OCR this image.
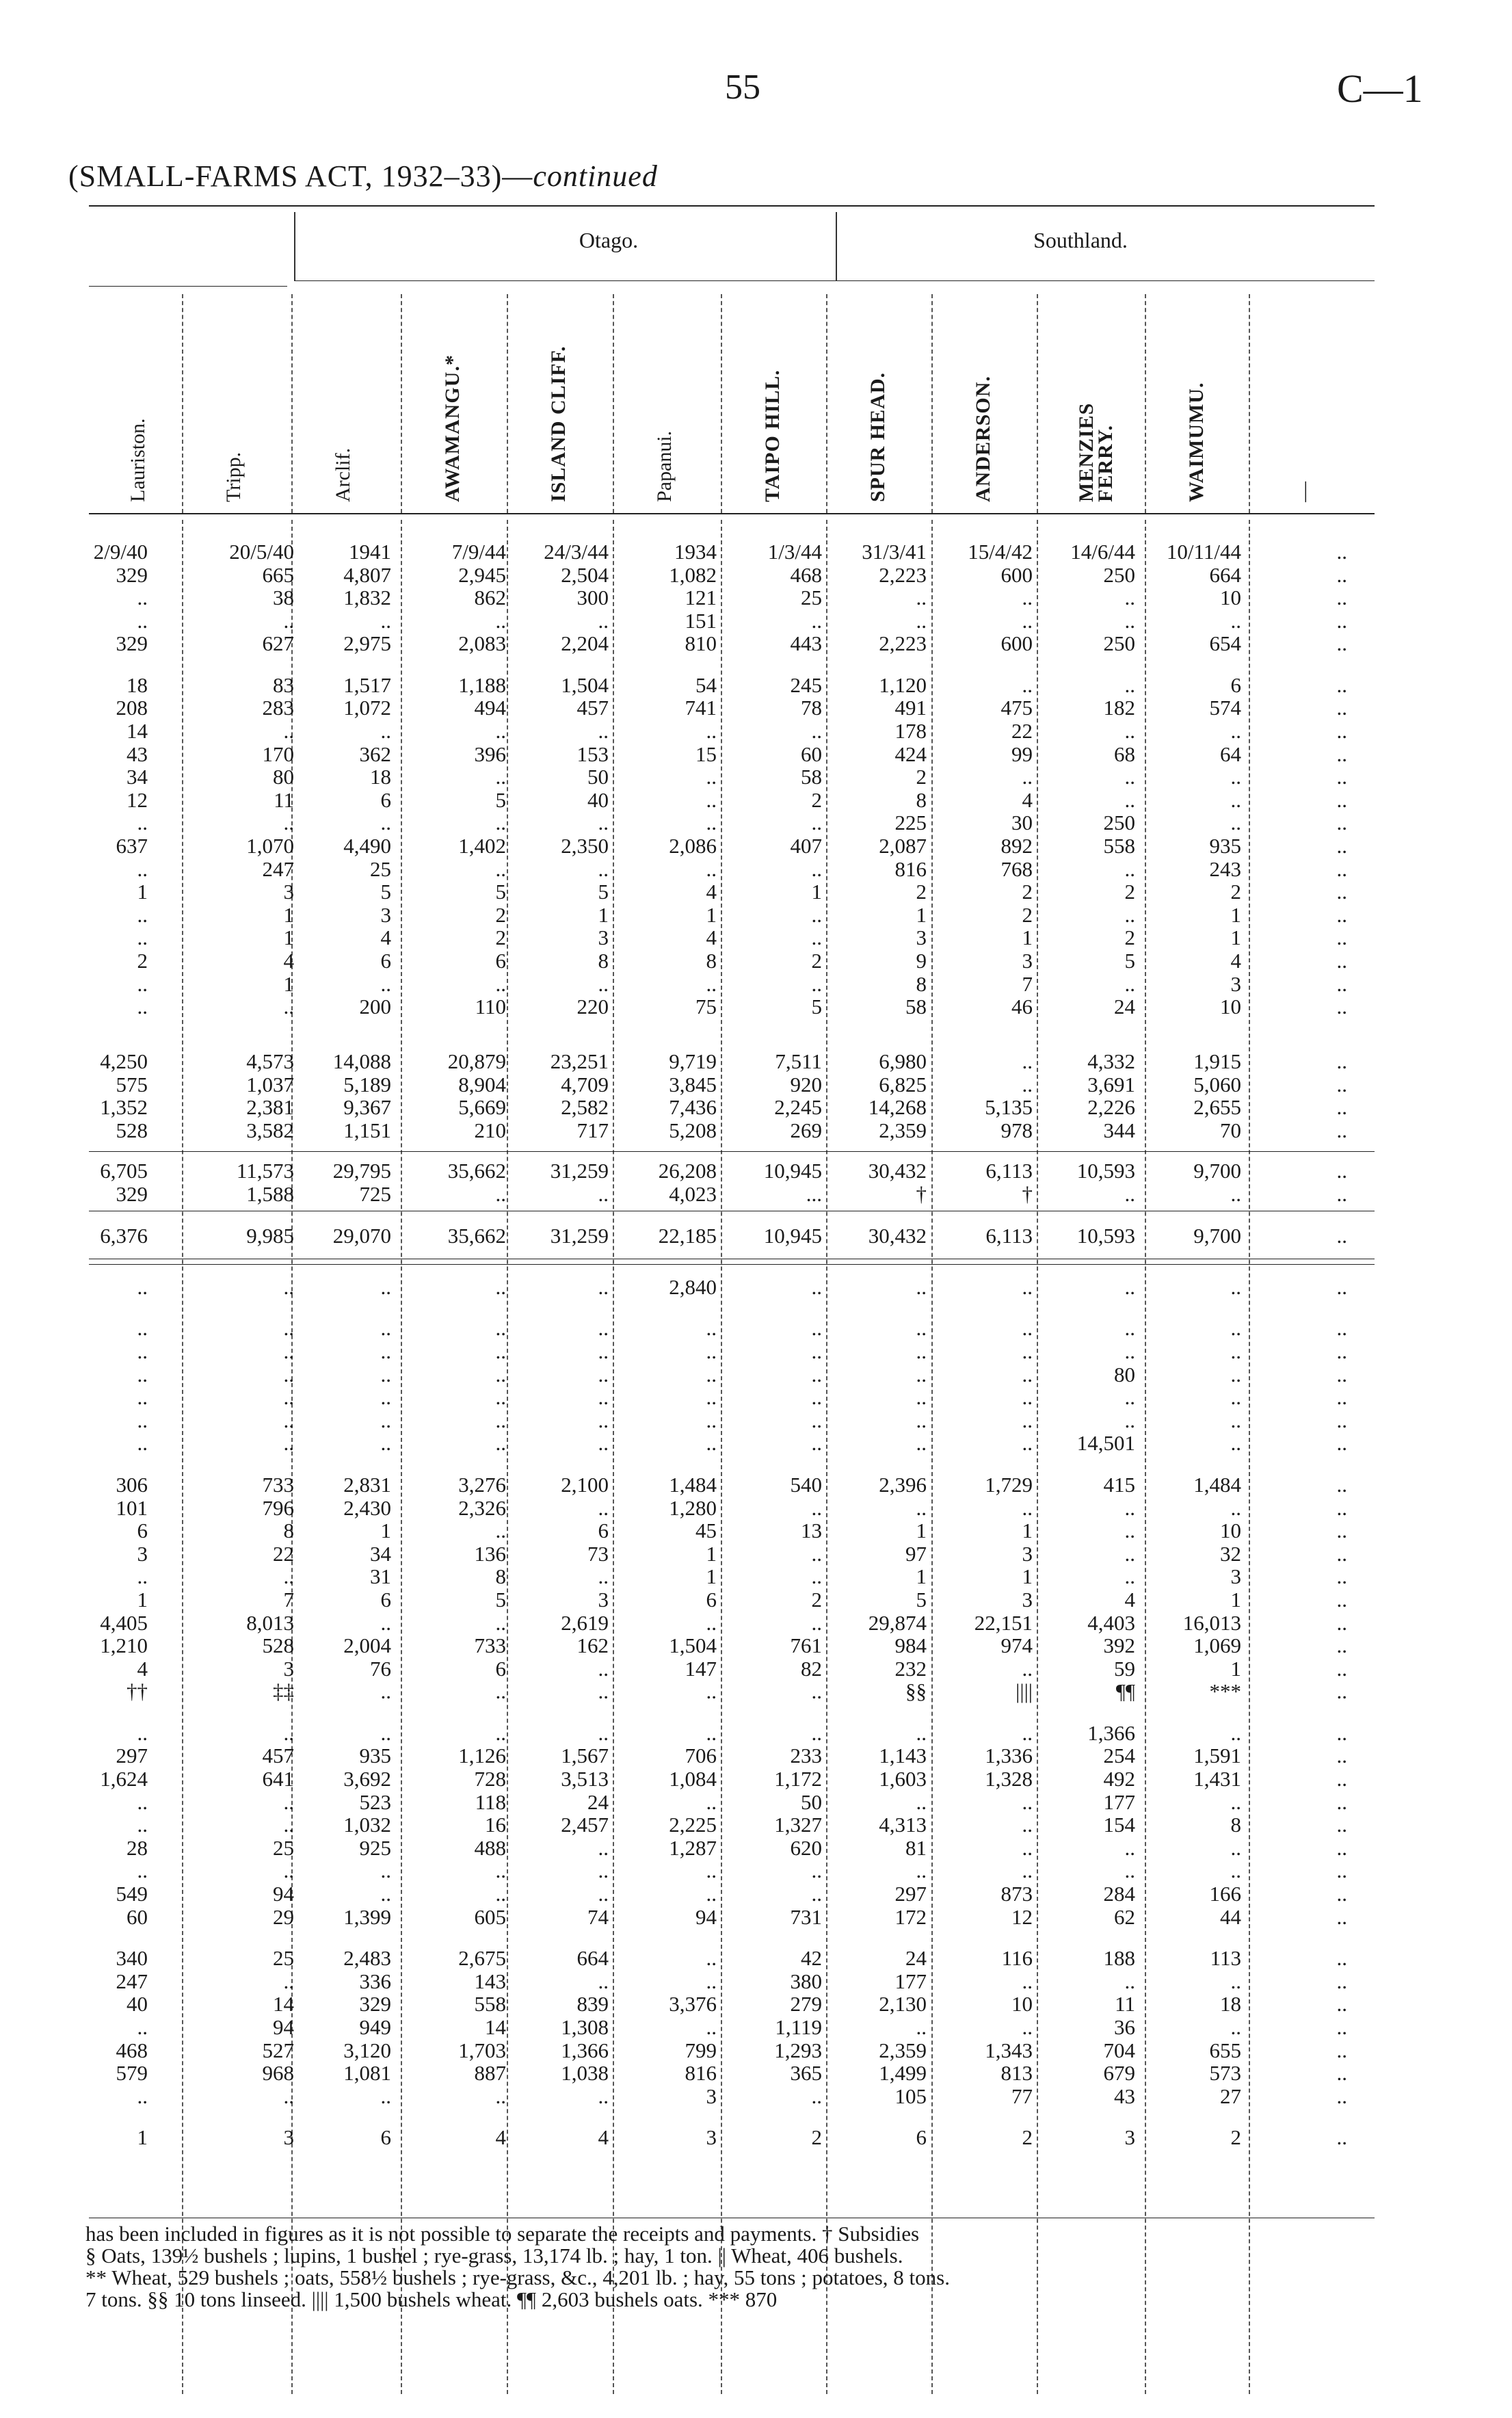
55	C—1
(SMALL-FARMS ACT, 1932–33)—continued
Otago.	Southland.
Lauriston.	Tripp.	Arclif.	AWAMANGU.*	ISLAND CLIFF.	Papanui.	TAIPO HILL.	SPUR HEAD.	ANDERSON.	MENZIES FERRY.	WAIMUMU.	—
2/9/40	20/5/40	1941	7/9/44	24/3/44	1934	1/3/44	31/3/41	15/4/42	14/6/44	10/11/44	..
329	665	4,807	2,945	2,504	1,082	468	2,223	600	250	664	..
..	38	1,832	862	300	121	25	..	..	..	10	..
..	..	..	..	..	151	..	..	..	..	..	..
329	627	2,975	2,083	2,204	810	443	2,223	600	250	654	..
18	83	1,517	1,188	1,504	54	245	1,120	..	..	6	..
208	283	1,072	494	457	741	78	491	475	182	574	..
14	..	..	..	..	..	..	178	22	..	..	..
43	170	362	396	153	15	60	424	99	68	64	..
34	80	18	..	50	..	58	2	..	..	..	..
12	11	6	5	40	..	2	8	4	..	..	..
..	..	..	..	..	..	..	225	30	250	..	..
637	1,070	4,490	1,402	2,350	2,086	407	2,087	892	558	935	..
..	247	25	..	..	..	..	816	768	..	243	..
1	3	5	5	5	4	1	2	2	2	2	..
..	1	3	2	1	1	..	1	2	..	1	..
..	1	4	2	3	4	..	3	1	2	1	..
2	4	6	6	8	8	2	9	3	5	4	..
..	1	..	..	..	..	..	8	7	..	3	..
..	..	200	110	220	75	5	58	46	24	10	..
4,250	4,573	14,088	20,879	23,251	9,719	7,511	6,980	..	4,332	1,915	..
575	1,037	5,189	8,904	4,709	3,845	920	6,825	..	3,691	5,060	..
1,352	2,381	9,367	5,669	2,582	7,436	2,245	14,268	5,135	2,226	2,655	..
528	3,582	1,151	210	717	5,208	269	2,359	978	344	70	..
6,705	11,573	29,795	35,662	31,259	26,208	10,945	30,432	6,113	10,593	9,700	..
329	1,588	725	..	..	4,023	...	†	†	..	..	..
6,376	9,985	29,070	35,662	31,259	22,185	10,945	30,432	6,113	10,593	9,700	..
..	..	..	..	..	2,840	..	..	..	..	..	..
..	..	..	..	..	..	..	..	..	..	..	..
..	..	..	..	..	..	..	..	..	..	..	..
..	..	..	..	..	..	..	..	..	80	..	..
..	..	..	..	..	..	..	..	..	..	..	..
..	..	..	..	..	..	..	..	..	..	..	..
..	..	..	..	..	..	..	..	..	14,501	..	..
306	733	2,831	3,276	2,100	1,484	540	2,396	1,729	415	1,484	..
101	796	2,430	2,326	..	1,280	..	..	..	..	..	..
6	8	1	..	6	45	13	1	1	..	10	..
3	22	34	136	73	1	..	97	3	..	32	..
..	..	31	8	..	1	..	1	1	..	3	..
1	7	6	5	3	6	2	5	3	4	1	..
4,405	8,013	..	..	2,619	..	..	29,874	22,151	4,403	16,013	..
1,210	528	2,004	733	162	1,504	761	984	974	392	1,069	..
4	3	76	6	..	147	82	232	..	59	1	..
††	‡‡	..	..	..	..	..	§§	||||	¶¶	***	..
..	..	..	..	..	..	..	..	..	1,366	..	..
297	457	935	1,126	1,567	706	233	1,143	1,336	254	1,591	..
1,624	641	3,692	728	3,513	1,084	1,172	1,603	1,328	492	1,431	..
..	..	523	118	24	..	50	..	..	177	..	..
..	..	1,032	16	2,457	2,225	1,327	4,313	..	154	8	..
28	25	925	488	..	1,287	620	81	..	..	..	..
..	..	..	..	..	..	..	..	..	..	..	..
549	94	..	..	..	..	..	297	873	284	166	..
60	29	1,399	605	74	94	731	172	12	62	44	..
340	25	2,483	2,675	664	..	42	24	116	188	113	..
247	..	336	143	..	..	380	177	..	..	..	..
40	14	329	558	839	3,376	279	2,130	10	11	18	..
..	94	949	14	1,308	..	1,119	..	..	36	..	..
468	527	3,120	1,703	1,366	799	1,293	2,359	1,343	704	655	..
579	968	1,081	887	1,038	816	365	1,499	813	679	573	..
..	..	..	..	..	3	..	105	77	43	27	..
1	3	6	4	4	3	2	6	2	3	2	..
has been included in figures as it is not possible to separate the receipts and payments. † Subsidies
§ Oats, 139½ bushels ; lupins, 1 bushel ; rye-grass, 13,174 lb. ; hay, 1 ton. || Wheat, 406 bushels.
** Wheat, 529 bushels ; oats, 558½ bushels ; rye-grass, &c., 4,201 lb. ; hay, 55 tons ; potatoes, 8 tons.
7 tons. §§ 10 tons linseed. |||| 1,500 bushels wheat. ¶¶ 2,603 bushels oats. *** 870
